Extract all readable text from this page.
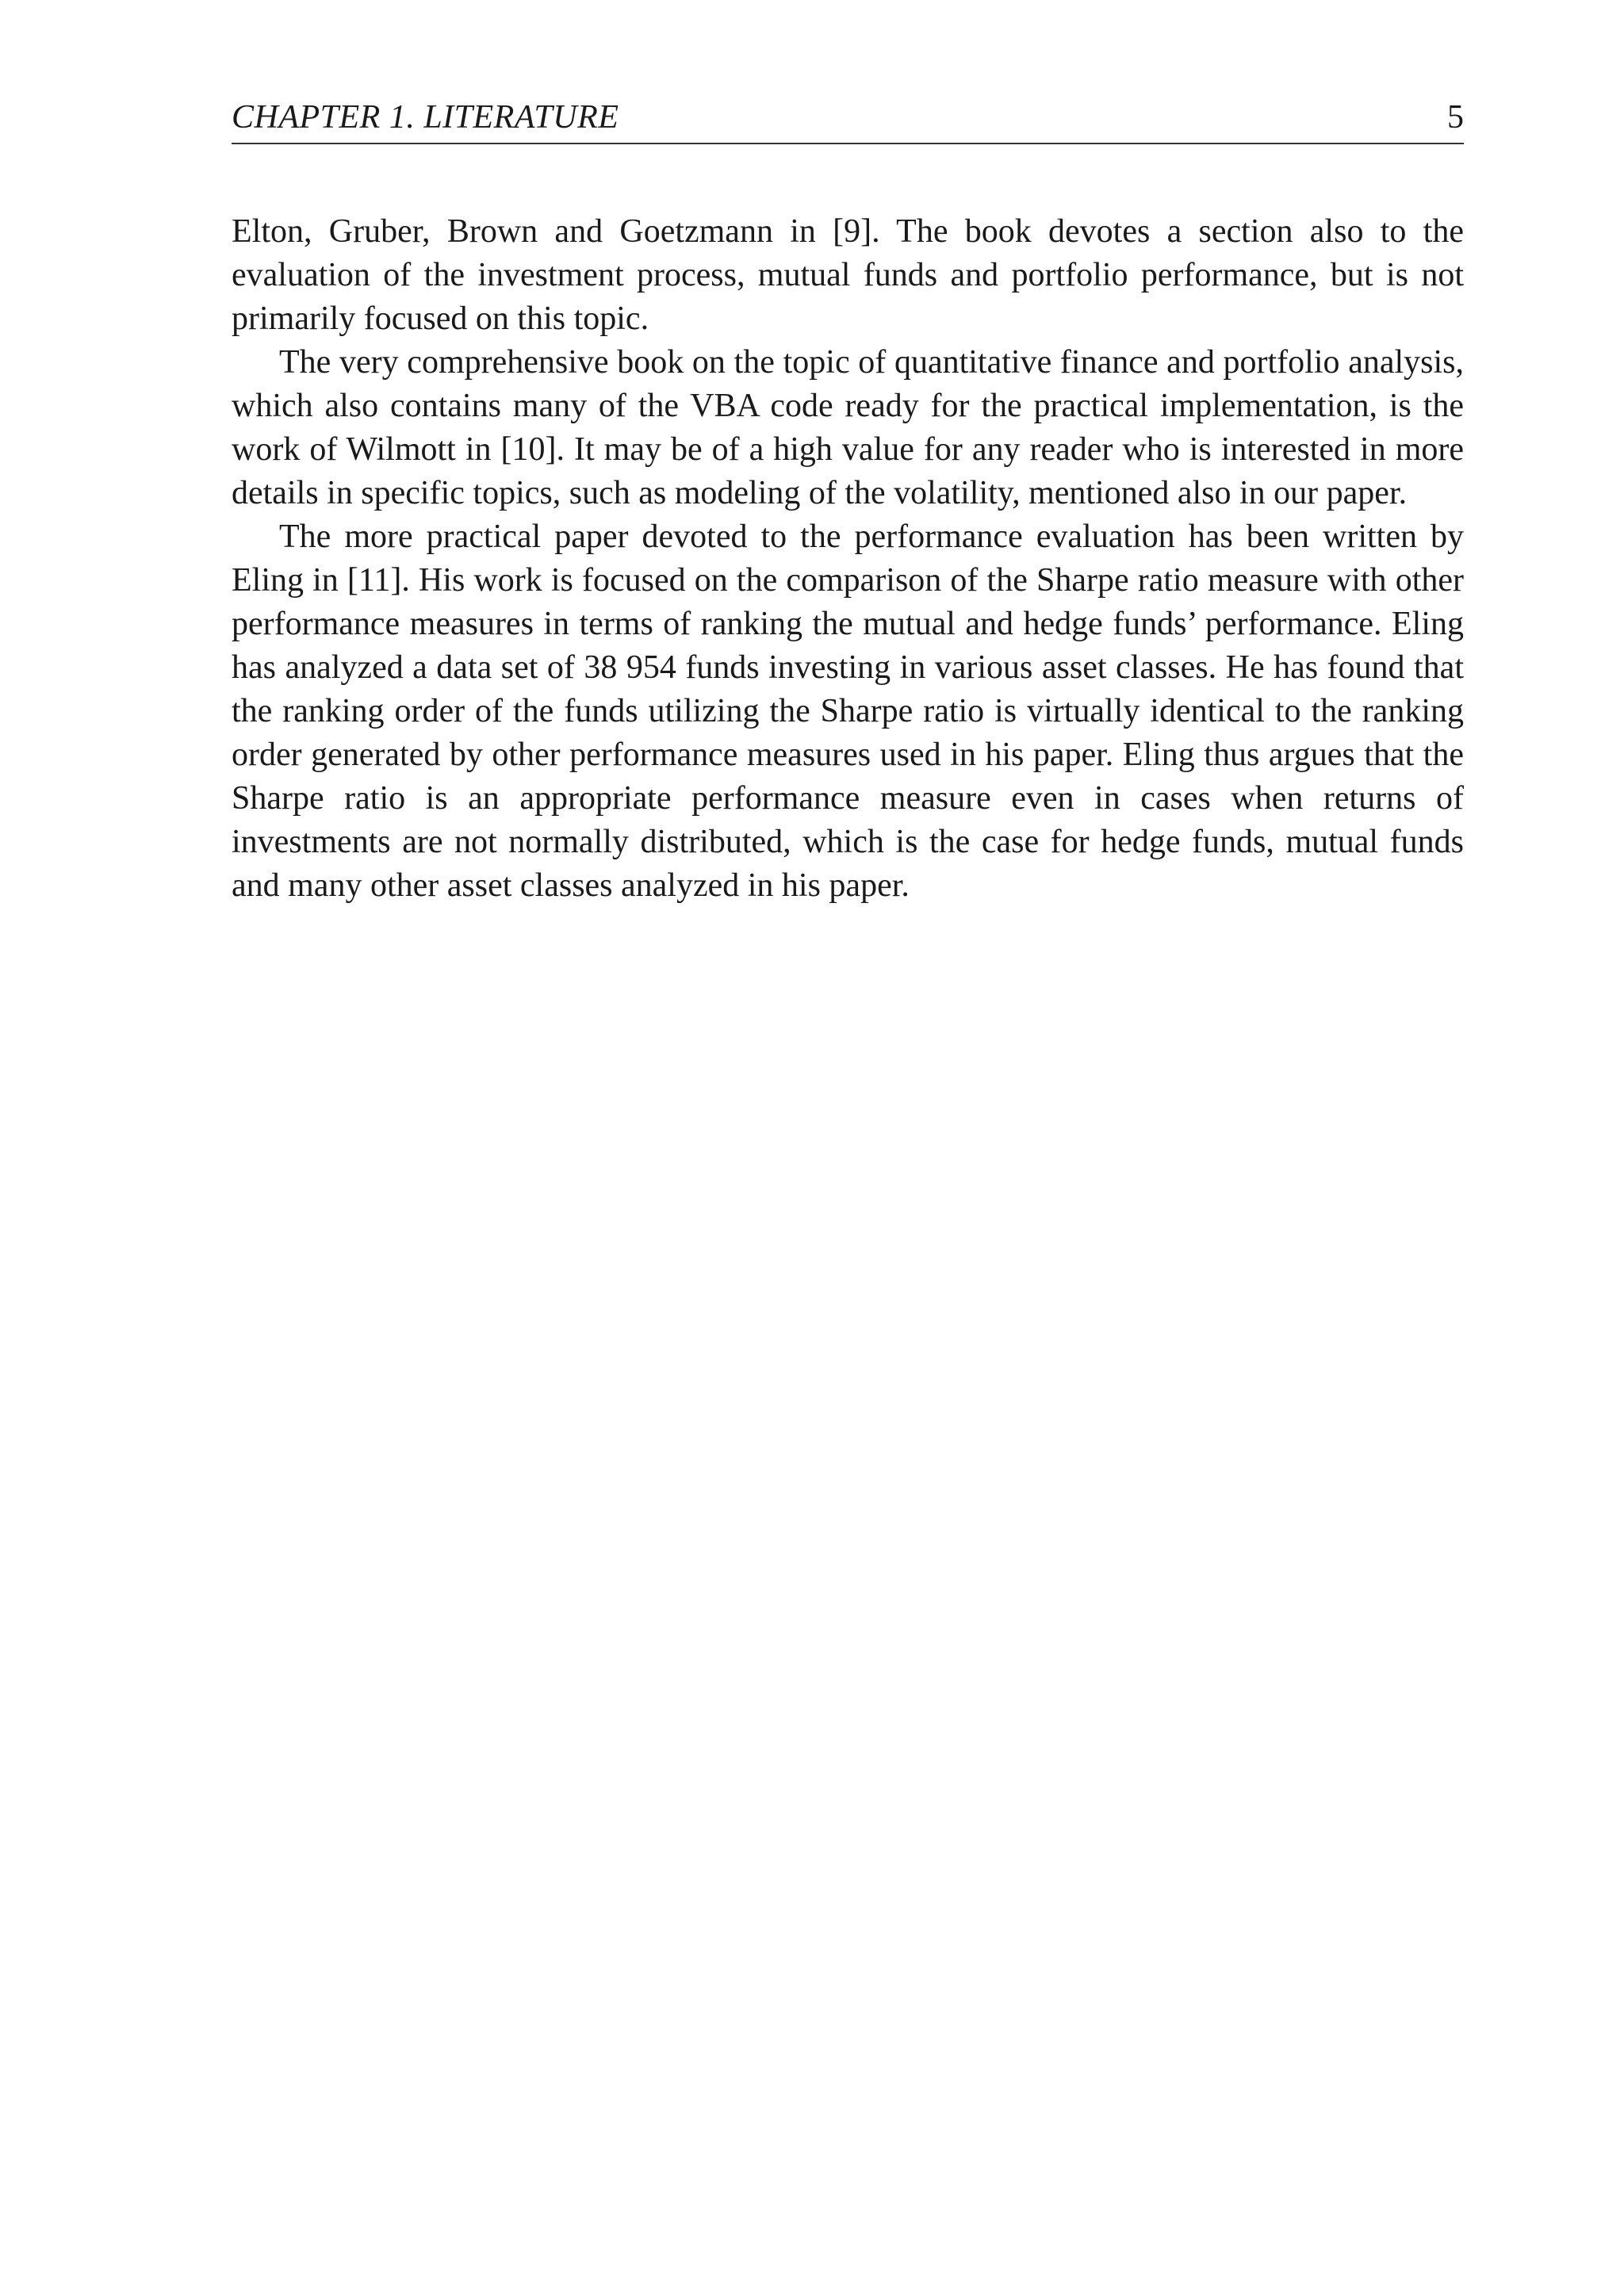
CHAPTER 1. LITERATURE	5

Elton, Gruber, Brown and Goetzmann in [9]. The book devotes a section also to the evaluation of the investment process, mutual funds and portfolio performance, but is not primarily focused on this topic.

The very comprehensive book on the topic of quantitative finance and portfolio analysis, which also contains many of the VBA code ready for the practical implementation, is the work of Wilmott in [10]. It may be of a high value for any reader who is interested in more details in specific topics, such as modeling of the volatility, mentioned also in our paper.

The more practical paper devoted to the performance evaluation has been written by Eling in [11]. His work is focused on the comparison of the Sharpe ratio measure with other performance measures in terms of ranking the mutual and hedge funds’ performance. Eling has analyzed a data set of 38 954 funds investing in various asset classes. He has found that the ranking order of the funds utilizing the Sharpe ratio is virtually identical to the ranking order generated by other performance measures used in his paper. Eling thus argues that the Sharpe ratio is an appropriate performance measure even in cases when returns of investments are not normally distributed, which is the case for hedge funds, mutual funds and many other asset classes analyzed in his paper.
